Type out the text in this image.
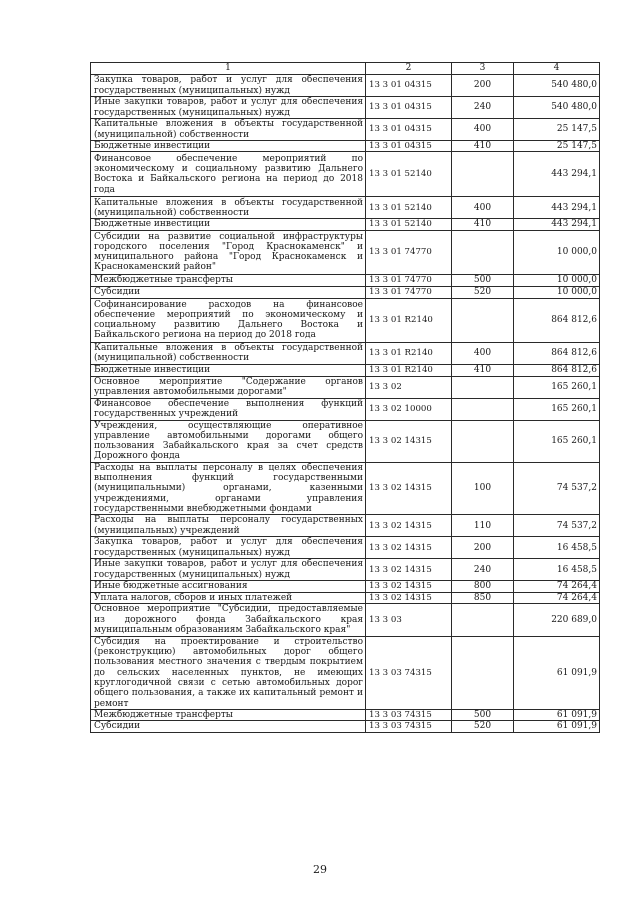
1	2	3	4
Закупка товаров, работ и услуг для обеспечения государственных (муниципальных) нужд	13 3 01 04315	200	540 480,0
Иные закупки товаров, работ и услуг для обеспечения государственных (муниципальных) нужд	13 3 01 04315	240	540 480,0
Капитальные вложения в объекты государственной (муниципальной) собственности	13 3 01 04315	400	25 147,5
Бюджетные инвестиции	13 3 01 04315	410	25 147,5
Финансовое обеспечение мероприятий по экономическому и социальному развитию Дальнего Востока и Байкальского региона на период до 2018 года	13 3 01 52140		443 294,1
Капитальные вложения в объекты государственной (муниципальной) собственности	13 3 01 52140	400	443 294,1
Бюджетные инвестиции	13 3 01 52140	410	443 294,1
Субсидии на развитие социальной инфраструктуры городского поселения "Город Краснокаменск" и муниципального района "Город Краснокаменск и Краснокаменский район"	13 3 01 74770		10 000,0
Межбюджетные трансферты	13 3 01 74770	500	10 000,0
Субсидии	13 3 01 74770	520	10 000,0
Софинансирование расходов на финансовое обеспечение мероприятий по экономическому и социальному развитию Дальнего Востока и Байкальского региона на период до 2018 года	13 3 01 R2140		864 812,6
Капитальные вложения в объекты государственной (муниципальной) собственности	13 3 01 R2140	400	864 812,6
Бюджетные инвестиции	13 3 01 R2140	410	864 812,6
Основное мероприятие "Содержание органов управления автомобильными дорогами"	13 3 02		165 260,1
Финансовое обеспечение выполнения функций государственных учреждений	13 3 02 10000		165 260,1
Учреждения, осуществляющие оперативное управление автомобильными дорогами общего пользования Забайкальского края за счет средств Дорожного фонда	13 3 02 14315		165 260,1
Расходы на выплаты персоналу в целях обеспечения выполнения функций государственными (муниципальными) органами, казенными учреждениями, органами управления государственными внебюджетными фондами	13 3 02 14315	100	74 537,2
Расходы на выплаты персоналу государственных (муниципальных) учреждений	13 3 02 14315	110	74 537,2
Закупка товаров, работ и услуг для обеспечения государственных (муниципальных) нужд	13 3 02 14315	200	16 458,5
Иные закупки товаров, работ и услуг для обеспечения государственных (муниципальных) нужд	13 3 02 14315	240	16 458,5
Иные бюджетные ассигнования	13 3 02 14315	800	74 264,4
Уплата налогов, сборов и иных платежей	13 3 02 14315	850	74 264,4
Основное мероприятие "Субсидии, предоставляемые из дорожного фонда Забайкальского края муниципальным образованиям Забайкальского края"	13 3 03		220 689,0
Субсидия на проектирование и строительство (реконструкцию) автомобильных дорог общего пользования местного значения с твердым покрытием до сельских населенных пунктов, не имеющих круглогодичной связи с сетью автомобильных дорог общего пользования, а также их капитальный ремонт и ремонт	13 3 03 74315		61 091,9
Межбюджетные трансферты	13 3 03 74315	500	61 091,9
Субсидии	13 3 03 74315	520	61 091,9
29
